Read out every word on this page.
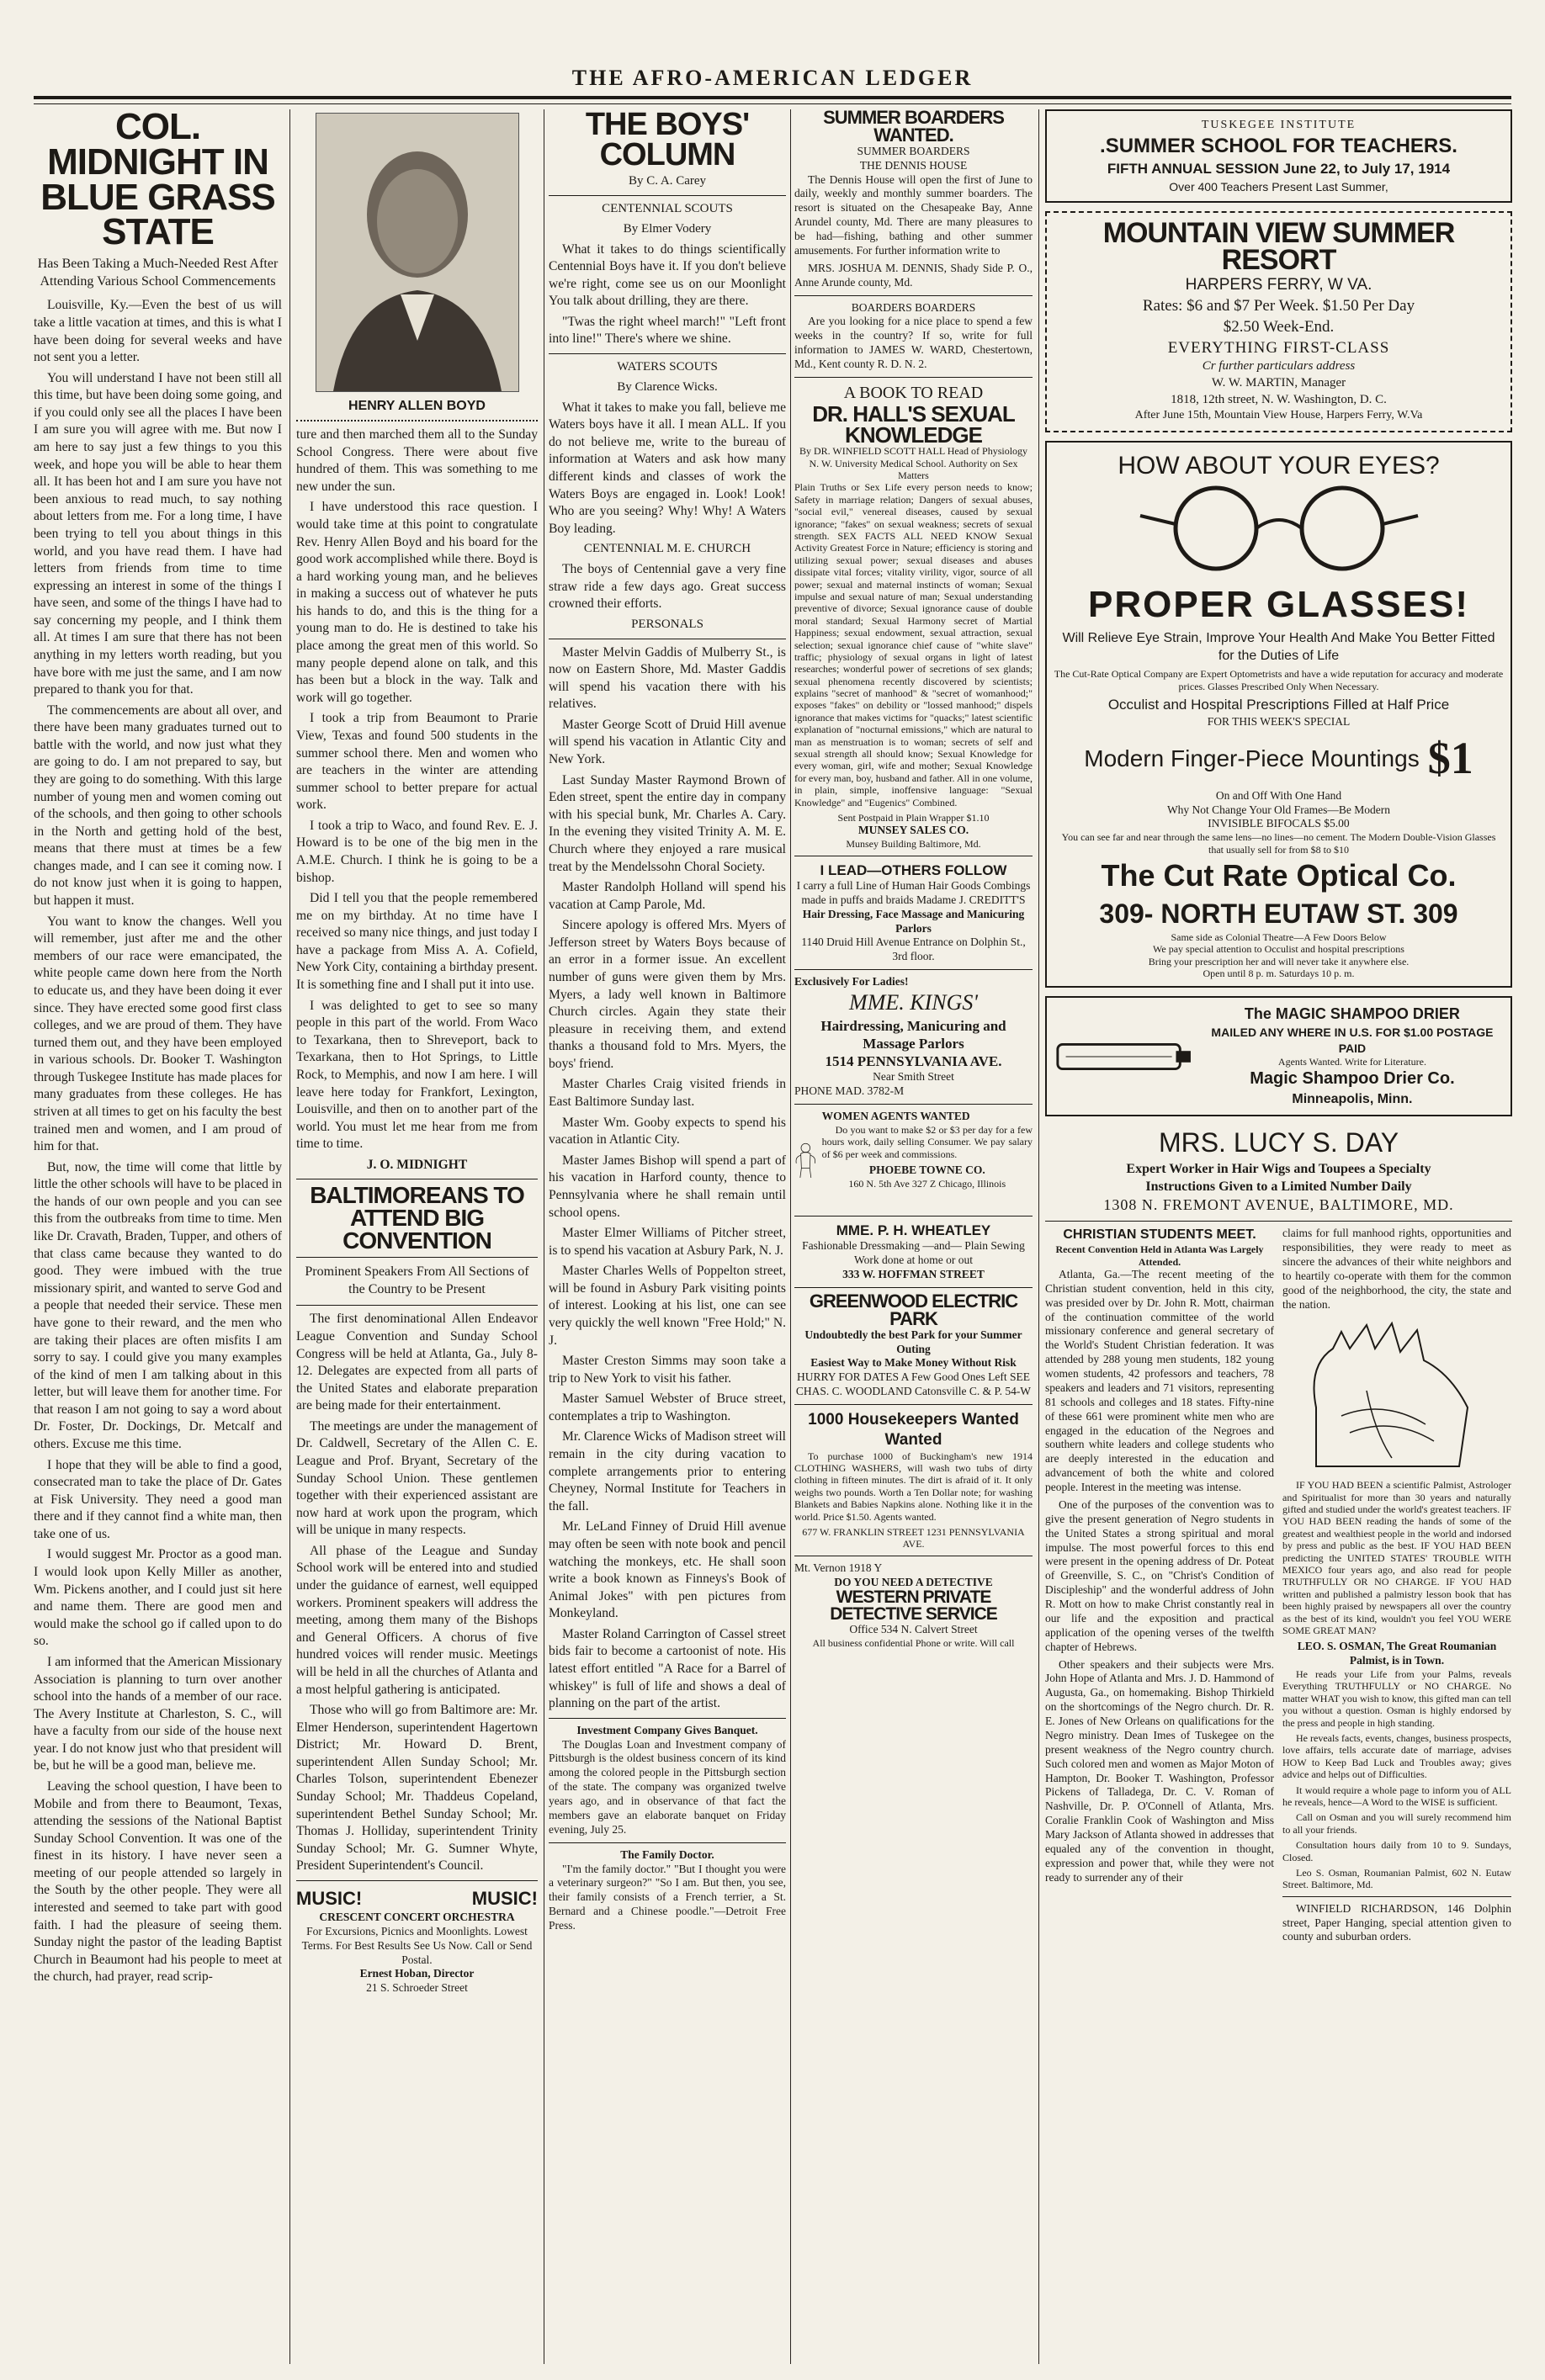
THE AFRO-AMERICAN LEDGER
COL. MIDNIGHT IN BLUE GRASS STATE
Has Been Taking a Much-Needed Rest After Attending Various School Commencements

Louisville, Ky.—Even the best of us will take a little vacation at times, and this is what I have been doing for several weeks and have not sent you a letter.

You will understand I have not been still all this time, but have been doing some going, and if you could only see all the places I have been I am sure you will agree with me. But now I am here to say just a few things to you this week, and hope you will be able to hear them all. It has been hot and I am sure you have not been anxious to read much, to say nothing about letters from me. For a long time, I have been trying to tell you about things in this world, and you have read them. I have had letters from friends from time to time expressing an interest in some of the things I have seen, and some of the things I have had to say concerning my people, and I think them all. At times I am sure that there has not been anything in my letters worth reading, but you have bore with me just the same, and I am now prepared to thank you for that.

The commencements are about all over, and there have been many graduates turned out to battle with the world, and now just what they are going to do. I am not prepared to say, but they are going to do something. With this large number of young men and women coming out of the schools, and then going to other schools in the North and getting hold of the best, means that there must at times be a few changes made, and I can see it coming now. I do not know just when it is going to happen, but happen it must.

You want to know the changes. Well you will remember, just after me and the other members of our race were emancipated, the white people came down here from the North to educate us, and they have been doing it ever since. They have erected some good first class colleges, and we are proud of them. They have turned them out, and they have been employed in various schools. Dr. Booker T. Washington through Tuskegee Institute has made places for many graduates from these colleges. He has striven at all times to get on his faculty the best trained men and women, and I am proud of him for that.

But, now, the time will come that little by little the other schools will have to be placed in the hands of our own people and you can see this from the outbreaks from time to time. Men like Dr. Cravath, Braden, Tupper, and others of that class came because they wanted to do good. They were imbued with the true missionary spirit, and wanted to serve God and a people that needed their service. These men have gone to their reward, and the men who are taking their places are often misfits I am sorry to say. I could give you many examples of the kind of men I am talking about in this letter, but will leave them for another time. For that reason I am not going to say a word about Dr. Foster, Dr. Dockings, Dr. Metcalf and others. Excuse me this time.

I hope that they will be able to find a good, consecrated man to take the place of Dr. Gates at Fisk University. They need a good man there and if they cannot find a white man, then take one of us.

I would suggest Mr. Proctor as a good man. I would look upon Kelly Miller as another, Wm. Pickens another, and I could just sit here and name them. There are good men and would make the school go if called upon to do so.

I am informed that the American Missionary Association is planning to turn over another school into the hands of a member of our race. The Avery Institute at Charleston, S. C., will have a faculty from our side of the house next year. I do not know just who that president will be, but he will be a good man, believe me.

Leaving the school question, I have been to Mobile and from there to Beaumont, Texas, attending the sessions of the National Baptist Sunday School Convention. It was one of the finest in its history. I have never seen a meeting of our people attended so largely in the South by the other people. They were all interested and seemed to take part with good faith. I had the pleasure of seeing them. Sunday night the pastor of the leading Baptist Church in Beaumont had his people to meet at the church, had prayer, read scrip-

HENRY ALLEN BOYD

ture and then marched them all to the Sunday School Congress. There were about five hundred of them. This was something to me new under the sun.

I have understood this race question. I would take time at this point to congratulate Rev. Henry Allen Boyd and his board for the good work accomplished while there. Boyd is a hard working young man, and he believes in making a success out of whatever he puts his hands to do, and this is the thing for a young man to do. He is destined to take his place among the great men of this world. So many people depend alone on talk, and this has been but a block in the way. Talk and work will go together.

I took a trip from Beaumont to Prarie View, Texas and found 500 students in the summer school there. Men and women who are teachers in the winter are attending summer school to better prepare for actual work.

I took a trip to Waco, and found Rev. E. J. Howard is to be one of the big men in the A.M.E. Church. I think he is going to be a bishop.

Did I tell you that the people remembered me on my birthday. At no time have I received so many nice things, and just today I have a package from Miss A. A. Cofield, New York City, containing a birthday present. It is something fine and I shall put it into use.

I was delighted to get to see so many people in this part of the world. From Waco to Texarkana, then to Shreveport, back to Texarkana, then to Hot Springs, to Little Rock, to Memphis, and now I am here. I will leave here today for Frankfort, Lexington, Louisville, and then on to another part of the world. You must let me hear from me from time to time.

J. O. MIDNIGHT
BALTIMOREANS TO ATTEND BIG CONVENTION
Prominent Speakers From All Sections of the Country to be Present

The first denominational Allen Endeavor League Convention and Sunday School Congress will be held at Atlanta, Ga., July 8-12. Delegates are expected from all parts of the United States and elaborate preparation are being made for their entertainment.

The meetings are under the management of Dr. Caldwell, Secretary of the Allen C. E. League and Prof. Bryant, Secretary of the Sunday School Union. These gentlemen together with their experienced assistant are now hard at work upon the program, which will be unique in many respects.

All phase of the League and Sunday School work will be entered into and studied under the guidance of earnest, well equipped workers. Prominent speakers will address the meeting, among them many of the Bishops and General Officers. A chorus of five hundred voices will render music. Meetings will be held in all the churches of Atlanta and a most helpful gathering is anticipated.

Those who will go from Baltimore are: Mr. Elmer Henderson, superintendent Hagertown District; Mr. Howard D. Brent, superintendent Allen Sunday School; Mr. Charles Tolson, superintendent Ebenezer Sunday School; Mr. Thaddeus Copeland, superintendent Bethel Sunday School; Mr. Thomas J. Holliday, superintendent Trinity Sunday School; Mr. G. Sumner Whyte, President Superintendent's Council.

MUSIC!	MUSIC!
CRESCENT CONCERT ORCHESTRA
For Excursions, Picnics and Moonlights. Lowest Terms. For Best Results See Us Now. Call or Send Postal.
Ernest Hoban, Director
21 S. Schroeder Street
THE BOYS' COLUMN
By C. A. Carey
CENTENNIAL SCOUTS
By Elmer Vodery

What it takes to do things scientifically Centennial Boys have it. If you don't believe we're right, come see us on our Moonlight You talk about drilling, they are there.

"Twas the right wheel march!" "Left front into line!" There's where we shine.

WATERS SCOUTS
By Clarence Wicks.

What it takes to make you fall, believe me Waters boys have it all. I mean ALL. If you do not believe me, write to the bureau of information at Waters and ask how many different kinds and classes of work the Waters Boys are engaged in. Look! Look! Who are you seeing? Why! Why! A Waters Boy leading.

CENTENNIAL M. E. CHURCH

The boys of Centennial gave a very fine straw ride a few days ago. Great success crowned their efforts.

PERSONALS

Master Melvin Gaddis of Mulberry St., is now on Eastern Shore, Md. Master Gaddis will spend his vacation there with his relatives.

Master George Scott of Druid Hill avenue will spend his vacation in Atlantic City and New York.

Last Sunday Master Raymond Brown of Eden street, spent the entire day in company with his special bunk, Mr. Charles A. Cary. In the evening they visited Trinity A. M. E. Church where they enjoyed a rare musical treat by the Mendelssohn Choral Society.

Master Randolph Holland will spend his vacation at Camp Parole, Md.

Sincere apology is offered Mrs. Myers of Jefferson street by Waters Boys because of an error in a former issue. An excellent number of guns were given them by Mrs. Myers, a lady well known in Baltimore Church circles. Again they state their pleasure in receiving them, and extend thanks a thousand fold to Mrs. Myers, the boys' friend.

Master Charles Craig visited friends in East Baltimore Sunday last.

Master Wm. Gooby expects to spend his vacation in Atlantic City.

Master James Bishop will spend a part of his vacation in Harford county, thence to Pennsylvania where he shall remain until school opens.

Master Elmer Williams of Pitcher street, is to spend his vacation at Asbury Park, N. J.

Master Charles Wells of Poppelton street, will be found in Asbury Park visiting points of interest. Looking at his list, one can see very quickly the well known "Free Hold;" N. J.

Master Creston Simms may soon take a trip to New York to visit his father.

Master Samuel Webster of Bruce street, contemplates a trip to Washington.

Mr. Clarence Wicks of Madison street will remain in the city during vacation to complete arrangements prior to entering Cheyney, Normal Institute for Teachers in the fall.

Mr. LeLand Finney of Druid Hill avenue may often be seen with note book and pencil watching the monkeys, etc. He shall soon write a book known as Finneys's Book of Animal Jokes" with pen pictures from Monkeyland.

Master Roland Carrington of Cassel street bids fair to become a cartoonist of note. His latest effort entitled "A Race for a Barrel of whiskey" is full of life and shows a deal of planning on the part of the artist.

Investment Company Gives Banquet.

The Douglas Loan and Investment company of Pittsburgh is the oldest business concern of its kind among the colored people in the Pittsburgh section of the state. The company was organized twelve years ago, and in observance of that fact the members gave an elaborate banquet on Friday evening, July 25.

The Family Doctor.

"I'm the family doctor." "But I thought you were a veterinary surgeon?" "So I am. But then, you see, their family consists of a French terrier, a St. Bernard and a Chinese poodle."—Detroit Free Press.

SUMMER BOARDERS WANTED.
SUMMER BOARDERS
THE DENNIS HOUSE

The Dennis House will open the first of June to daily, weekly and monthly summer boarders. The resort is situated on the Chesapeake Bay, Anne Arundel county, Md. There are many pleasures to be had—fishing, bathing and other summer amusements. For further information write to

MRS. JOSHUA M. DENNIS, Shady Side P. O., Anne Arunde county, Md.

BOARDERS BOARDERS

Are you looking for a nice place to spend a few weeks in the country? If so, write for full information to JAMES W. WARD, Chestertown, Md., Kent county R. D. N. 2.

A BOOK TO READ
DR. HALL'S SEXUAL KNOWLEDGE
By DR. WINFIELD SCOTT HALL Head of Physiology N. W. University Medical School. Authority on Sex Matters

Plain Truths or Sex Life every person needs to know; Safety in marriage relation; Dangers of sexual abuses, "social evil," venereal diseases, caused by sexual ignorance; "fakes" on sexual weakness; secrets of sexual strength. SEX FACTS ALL NEED KNOW Sexual Activity Greatest Force in Nature; efficiency is storing and utilizing sexual power; sexual diseases and abuses dissipate vital forces; vitality virility, vigor, source of all power; sexual and maternal instincts of woman; Sexual impulse and sexual nature of man; Sexual understanding preventive of divorce; Sexual ignorance cause of double moral standard; Sexual Harmony secret of Martial Happiness; sexual endowment, sexual attraction, sexual selection; sexual ignorance chief cause of "white slave" traffic; physiology of sexual organs in light of latest researches; wonderful power of secretions of sex glands; sexual phenomena recently discovered by scientists; explains "secret of manhood" & "secret of womanhood;" exposes "fakes" on debility or "lossed manhood;" dispels ignorance that makes victims for "quacks;" latest scientific explanation of "nocturnal emissions," which are natural to man as menstruation is to woman; secrets of self and sexual strength all should know; Sexual Knowledge for every woman, girl, wife and mother; Sexual Knowledge for every man, boy, husband and father. All in one volume, in plain, simple, inoffensive language: "Sexual Knowledge" and "Eugenics" Combined.

Sent Postpaid in Plain Wrapper $1.10
MUNSEY SALES CO.
Munsey Building Baltimore, Md.
I LEAD—OTHERS FOLLOW
I carry a full Line of Human Hair Goods Combings made in puffs and braids Madame J. CREDITT'S
Hair Dressing, Face Massage and Manicuring Parlors
1140 Druid Hill Avenue Entrance on Dolphin St., 3rd floor.
Exclusively For Ladies!
MME. KINGS'
Hairdressing, Manicuring and Massage Parlors
1514 PENNSYLVANIA AVE.
Near Smith Street
PHONE MAD. 3782-M
WOMEN AGENTS WANTED

Do you want to make $2 or $3 per day for a few hours work, daily selling Consumer. We pay salary of $6 per week and commissions.

PHOEBE TOWNE CO.
160 N. 5th Ave 327 Z Chicago, Illinois
MME. P. H. WHEATLEY
Fashionable Dressmaking —and— Plain Sewing
Work done at home or out
333 W. HOFFMAN STREET
GREENWOOD ELECTRIC PARK
Undoubtedly the best Park for your Summer Outing
Easiest Way to Make Money Without Risk
HURRY FOR DATES A Few Good Ones Left SEE CHAS. C. WOODLAND Catonsville C. & P. 54-W
1000 Housekeepers Wanted Wanted

To purchase 1000 of Buckingham's new 1914 CLOTHING WASHERS, will wash two tubs of dirty clothing in fifteen minutes. The dirt is afraid of it. It only weighs two pounds. Worth a Ten Dollar note; for washing Blankets and Babies Napkins alone. Nothing like it in the world. Price $1.50. Agents wanted.

677 W. FRANKLIN STREET 1231 PENNSYLVANIA AVE.
Mt. Vernon 1918 Y
DO YOU NEED A DETECTIVE
WESTERN PRIVATE DETECTIVE SERVICE
Office 534 N. Calvert Street
All business confidential Phone or write. Will call
TUSKEGEE INSTITUTE
.SUMMER SCHOOL FOR TEACHERS.
FIFTH ANNUAL SESSION June 22, to July 17, 1914
Over 400 Teachers Present Last Summer,
MOUNTAIN VIEW SUMMER RESORT
HARPERS FERRY, W VA.
Rates: $6 and $7 Per Week. $1.50 Per Day
$2.50 Week-End.
EVERYTHING FIRST-CLASS
Cr further particulars address
W. W. MARTIN, Manager
1818, 12th street, N. W. Washington, D. C.
After June 15th, Mountain View House, Harpers Ferry, W.Va
HOW ABOUT YOUR EYES?
PROPER GLASSES!
Will Relieve Eye Strain, Improve Your Health And Make You Better Fitted for the Duties of Life
The Cut-Rate Optical Company are Expert Optometrists and have a wide reputation for accuracy and moderate prices. Glasses Prescribed Only When Necessary.
Occulist and Hospital Prescriptions Filled at Half Price
FOR THIS WEEK'S SPECIAL
Modern Finger-Piece Mountings $1
On and Off With One Hand
Why Not Change Your Old Frames—Be Modern
INVISIBLE BIFOCALS $5.00
You can see far and near through the same lens—no lines—no cement. The Modern Double-Vision Glasses that usually sell for from $8 to $10
The Cut Rate Optical Co.
309- NORTH EUTAW ST. 309
Same side as Colonial Theatre—A Few Doors Below
We pay special attention to Occulist and hospital prescriptions
Bring your prescription her and will never take it anywhere else.
Open until 8 p. m. Saturdays 10 p. m.
The MAGIC SHAMPOO DRIER
MAILED ANY WHERE IN U.S. FOR $1.00 POSTAGE PAID
Agents Wanted. Write for Literature.
Magic Shampoo Drier Co.
Minneapolis, Minn.
MRS. LUCY S. DAY
Expert Worker in Hair Wigs and Toupees a Specialty
Instructions Given to a Limited Number Daily
1308 N. FREMONT AVENUE, BALTIMORE, MD.
CHRISTIAN STUDENTS MEET.
Recent Convention Held in Atlanta Was Largely Attended.

Atlanta, Ga.—The recent meeting of the Christian student convention, held in this city, was presided over by Dr. John R. Mott, chairman of the continuation committee of the world missionary conference and general secretary of the World's Student Christian federation. It was attended by 288 young men students, 182 young women students, 42 professors and teachers, 78 speakers and leaders and 71 visitors, representing 81 schools and colleges and 18 states. Fifty-nine of these 661 were prominent white men who are engaged in the education of the Negroes and southern white leaders and college students who are deeply interested in the education and advancement of both the white and colored people. Interest in the meeting was intense.

One of the purposes of the convention was to give the present generation of Negro students in the United States a strong spiritual and moral impulse. The most powerful forces to this end were present in the opening address of Dr. Poteat of Greenville, S. C., on "Christ's Condition of Discipleship" and the wonderful address of John R. Mott on how to make Christ constantly real in our life and the exposition and practical application of the opening verses of the twelfth chapter of Hebrews.

Other speakers and their subjects were Mrs. John Hope of Atlanta and Mrs. J. D. Hammond of Augusta, Ga., on homemaking. Bishop Thirkield on the shortcomings of the Negro church. Dr. R. E. Jones of New Orleans on qualifications for the Negro ministry. Dean Imes of Tuskegee on the present weakness of the Negro country church. Such colored men and women as Major Moton of Hampton, Dr. Booker T. Washington, Professor Pickens of Talladega, Dr. C. V. Roman of Nashville, Dr. P. O'Connell of Atlanta, Mrs. Coralie Franklin Cook of Washington and Miss Mary Jackson of Atlanta showed in addresses that equaled any of the convention in thought, expression and power that, while they were not ready to surrender any of their

claims for full manhood rights, opportunities and responsibilities, they were ready to meet as sincere the advances of their white neighbors and to heartily co-operate with them for the common good of the neighborhood, the city, the state and the nation.

IF YOU HAD BEEN a scientific Palmist, Astrologer and Spiritualist for more than 30 years and naturally gifted and studied under the world's greatest teachers. IF YOU HAD BEEN reading the hands of some of the greatest and wealthiest people in the world and indorsed by press and public as the best. IF YOU HAD BEEN predicting the UNITED STATES' TROUBLE WITH MEXICO four years ago, and also read for people TRUTHFULLY OR NO CHARGE. IF YOU HAD written and published a palmistry lesson book that has been highly praised by newspapers all over the country as the best of its kind, wouldn't you feel YOU WERE SOME GREAT MAN?

LEO. S. OSMAN, The Great Roumanian Palmist, is in Town.

He reads your Life from your Palms, reveals Everything TRUTHFULLY or NO CHARGE. No matter WHAT you wish to know, this gifted man can tell you without a question. Osman is highly endorsed by the press and people in high standing.

He reveals facts, events, changes, business prospects, love affairs, tells accurate date of marriage, advises HOW to Keep Bad Luck and Troubles away; gives advice and helps out of Difficulties.

It would require a whole page to inform you of ALL he reveals, hence—A Word to the WISE is sufficient.

Call on Osman and you will surely recommend him to all your friends.

Consultation hours daily from 10 to 9. Sundays, Closed.

Leo S. Osman, Roumanian Palmist, 602 N. Eutaw Street. Baltimore, Md.

WINFIELD RICHARDSON, 146 Dolphin street, Paper Hanging, special attention given to county and suburban orders.
